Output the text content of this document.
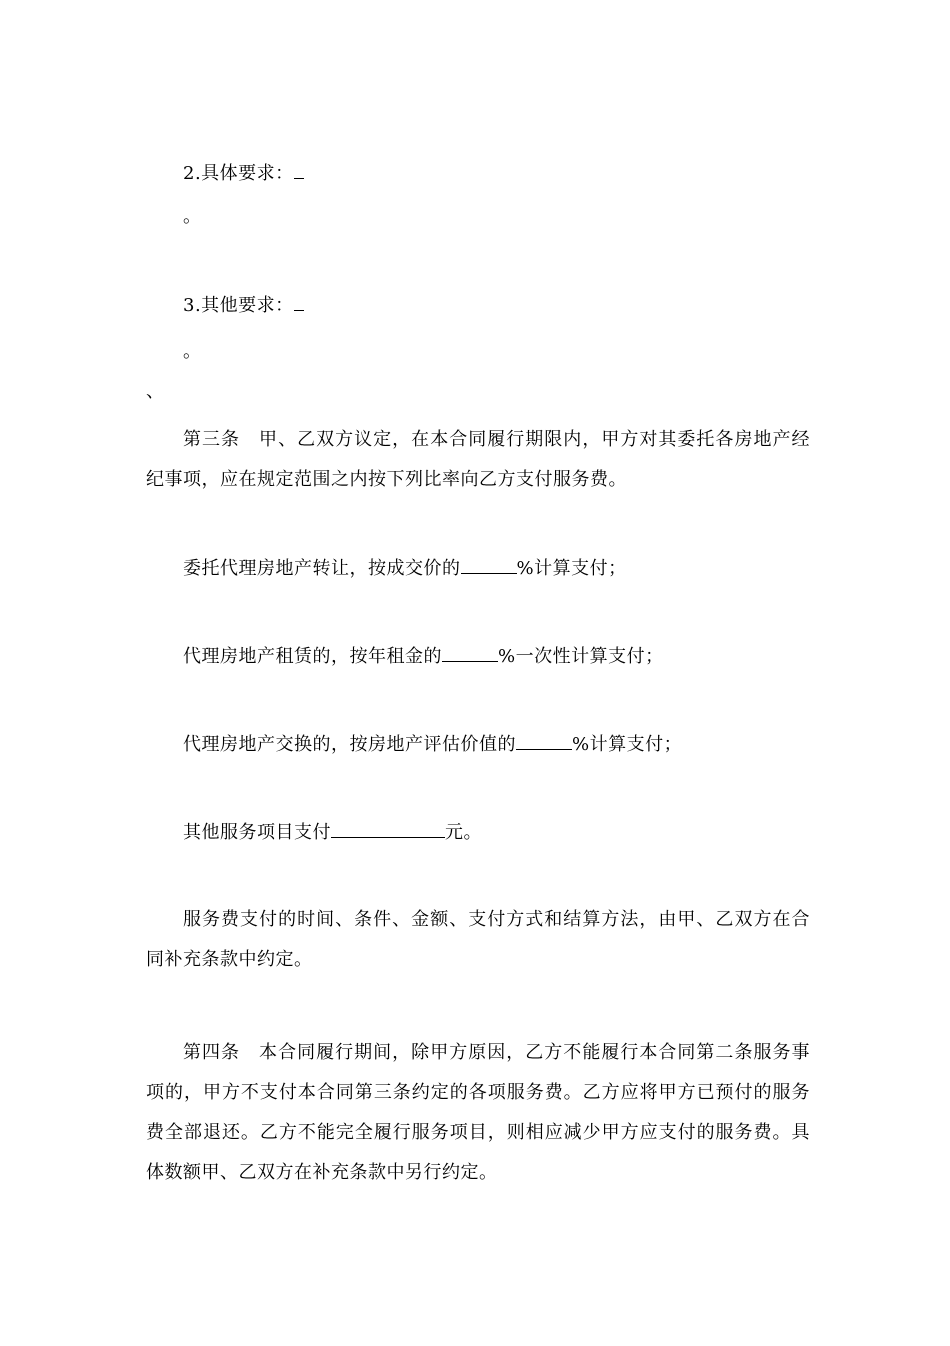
2.具体要求：
。
3.其他要求：
。
、
第三条　甲、乙双方议定，在本合同履行期限内，甲方对其委托各房地产经纪事项，应在规定范围之内按下列比率向乙方支付服务费。
委托代理房地产转让，按成交价的	%计算支付；
代理房地产租赁的，按年租金的	%一次性计算支付；
代理房地产交换的，按房地产评估价值的	%计算支付；
其他服务项目支付	元。
服务费支付的时间、条件、金额、支付方式和结算方法，由甲、乙双方在合同补充条款中约定。
第四条　本合同履行期间，除甲方原因，乙方不能履行本合同第二条服务事项的，甲方不支付本合同第三条约定的各项服务费。乙方应将甲方已预付的服务费全部退还。乙方不能完全履行服务项目，则相应减少甲方应支付的服务费。具体数额甲、乙双方在补充条款中另行约定。
